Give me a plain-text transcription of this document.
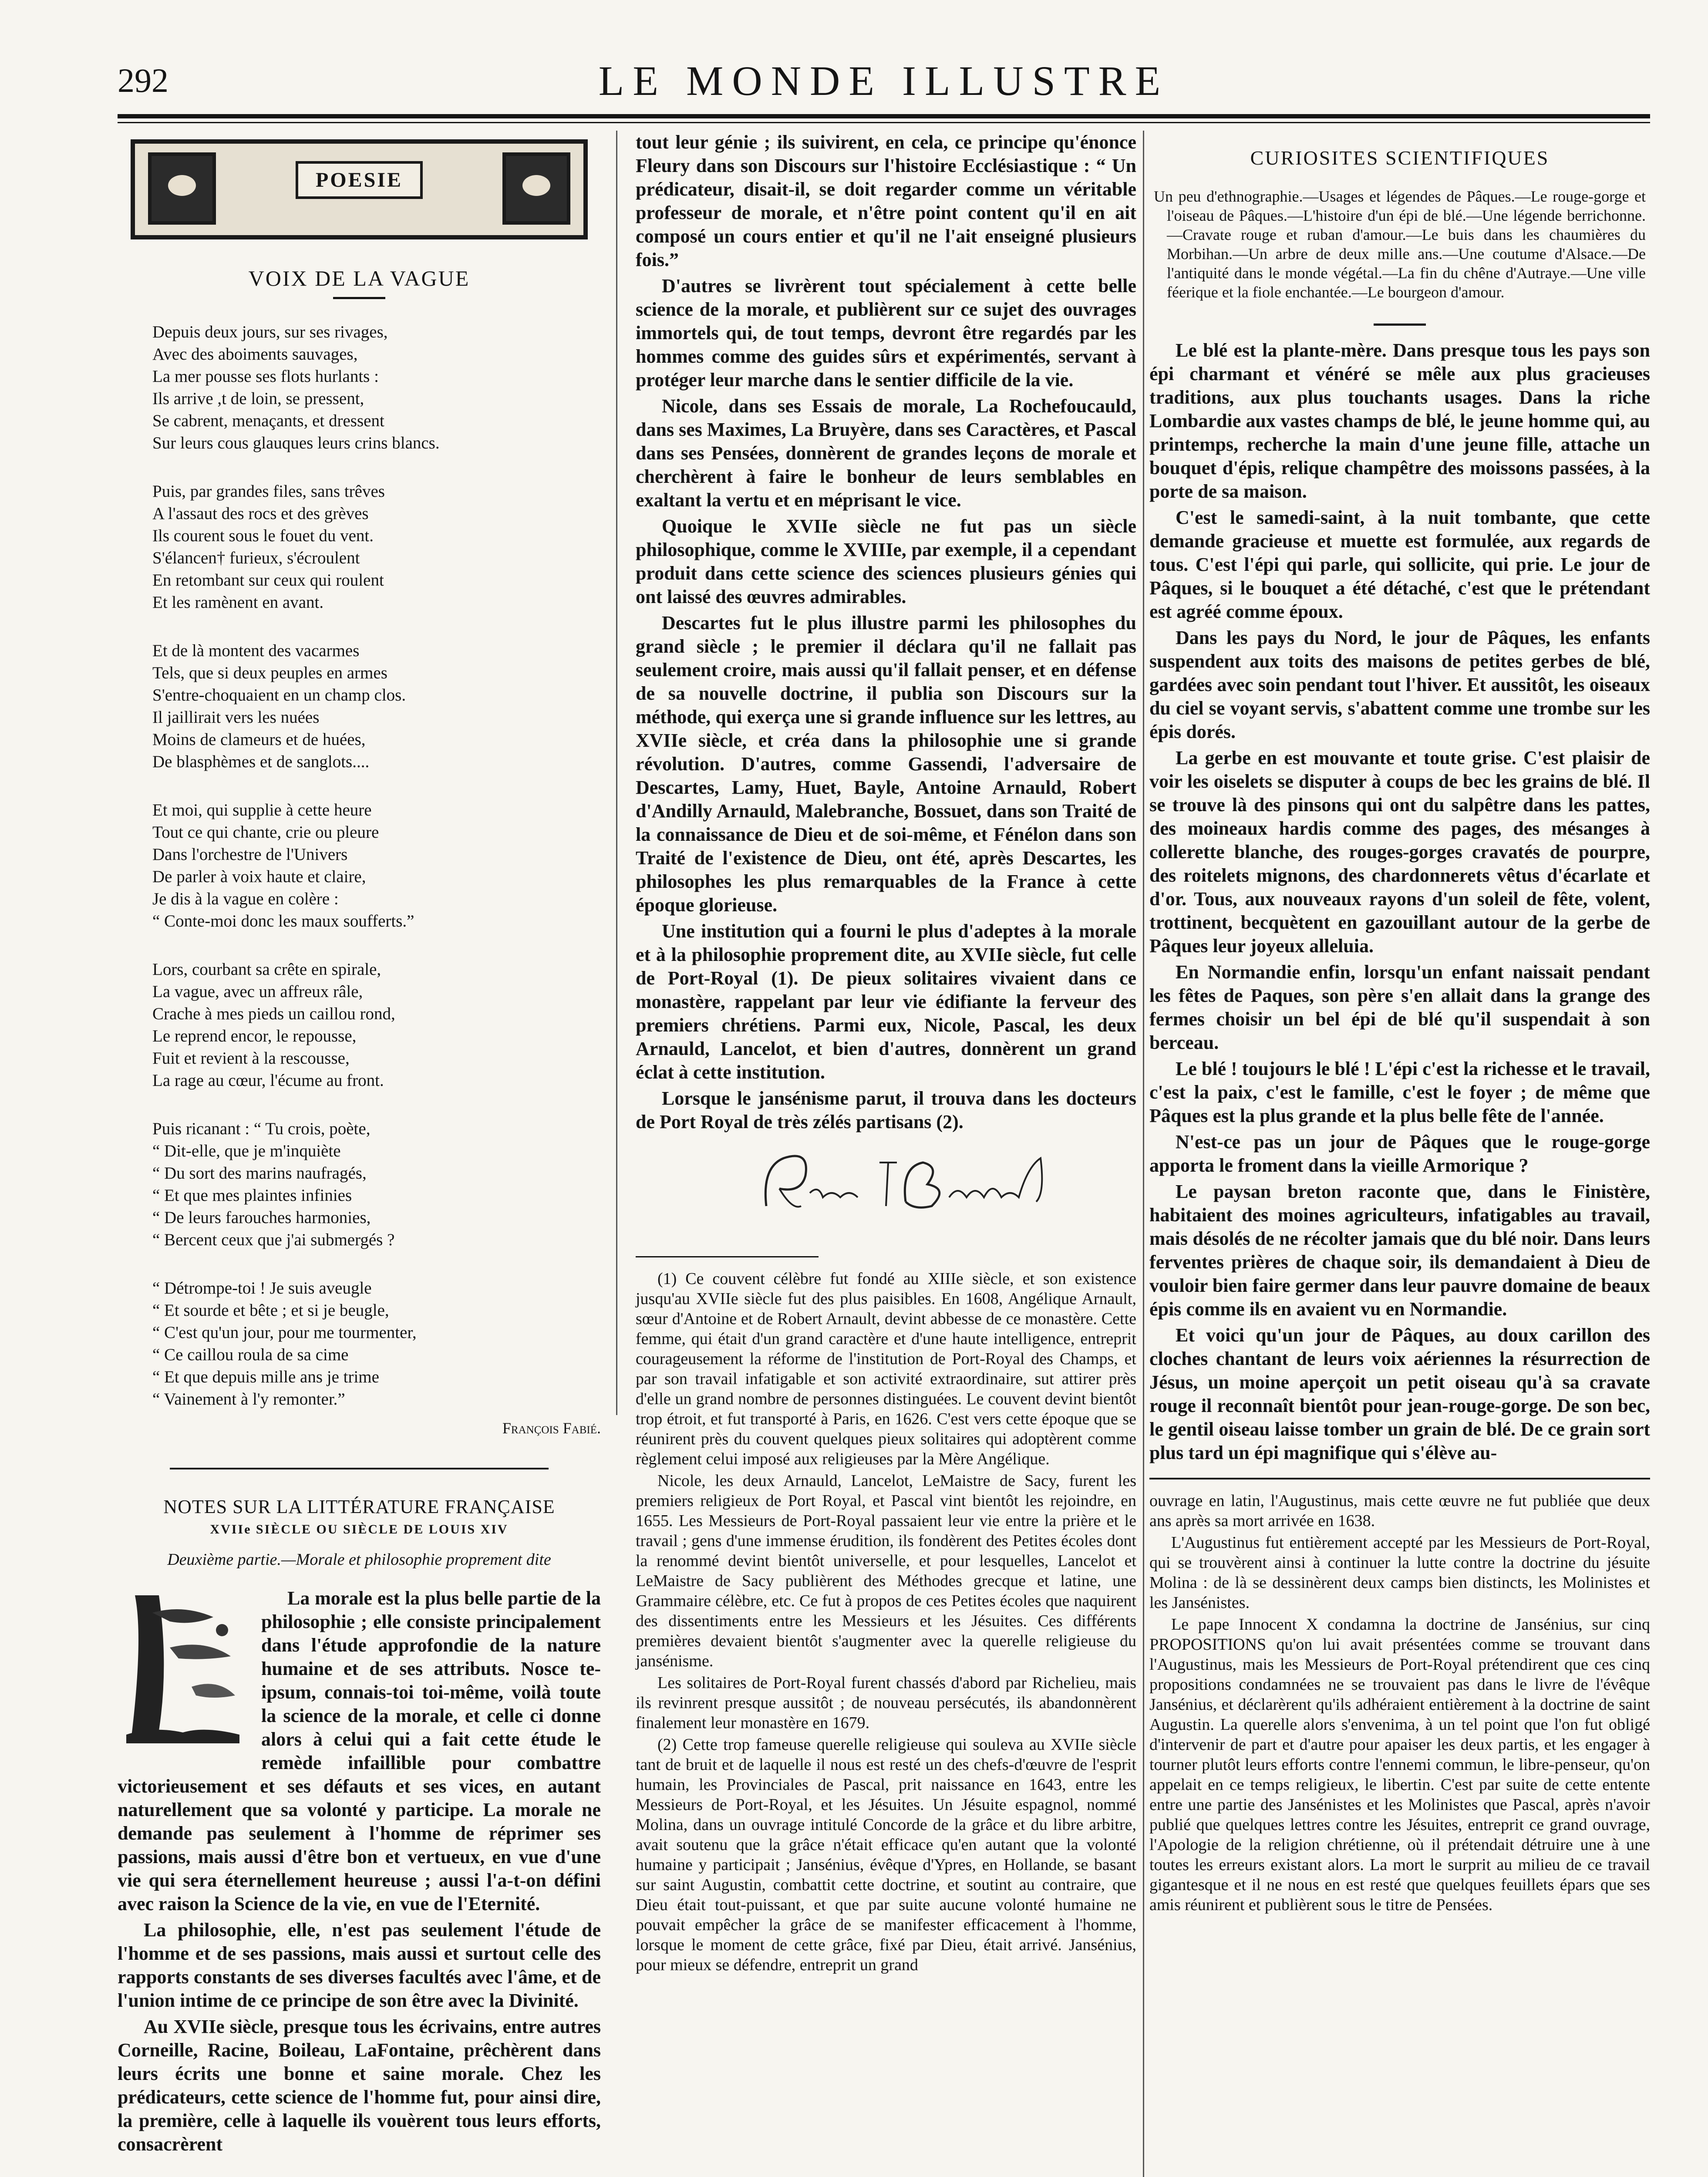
292	LE MONDE ILLUSTRE
POESIE
VOIX DE LA VAGUE
Depuis deux jours, sur ses rivages,
Avec des aboiments sauvages,
La mer pousse ses flots hurlants :
Ils arrive ,t de loin, se pressent,
Se cabrent, menaçants, et dressent
Sur leurs cous glauques leurs crins blancs.
Puis, par grandes files, sans trêves
A l'assaut des rocs et des grèves
Ils courent sous le fouet du vent.
S'élancen† furieux, s'écroulent
En retombant sur ceux qui roulent
Et les ramènent en avant.
Et de là montent des vacarmes
Tels, que si deux peuples en armes
S'entre-choquaient en un champ clos.
Il jaillirait vers les nuées
Moins de clameurs et de huées,
De blasphèmes et de sanglots....
Et moi, qui supplie à cette heure
Tout ce qui chante, crie ou pleure
Dans l'orchestre de l'Univers
De parler à voix haute et claire,
Je dis à la vague en colère :
“ Conte-moi donc les maux soufferts.”
Lors, courbant sa crête en spirale,
La vague, avec un affreux râle,
Crache à mes pieds un caillou rond,
Le reprend encor, le repousse,
Fuit et revient à la rescousse,
La rage au cœur, l'écume au front.
Puis ricanant : “ Tu crois, poète,
“ Dit-elle, que je m'inquiète
“ Du sort des marins naufragés,
“ Et que mes plaintes infinies
“ De leurs farouches harmonies,
“ Bercent ceux que j'ai submergés ?
“ Détrompe-toi ! Je suis aveugle
“ Et sourde et bête ; et si je beugle,
“ C'est qu'un jour, pour me tourmenter,
“ Ce caillou roula de sa cime
“ Et que depuis mille ans je trime
“ Vainement à l'y remonter.”
François Fabié.
NOTES SUR LA LITTÉRATURE FRANÇAISE
XVIIe SIÈCLE OU SIÈCLE DE LOUIS XIV
Deuxième partie.—Morale et philosophie proprement dite

La morale est la plus belle partie de la philosophie ; elle consiste principalement dans l'étude approfondie de la nature humaine et de ses attributs. Nosce te-ipsum, connais-toi toi-même, voilà toute la science de la morale, et celle ci donne alors à celui qui a fait cette étude le remède infaillible pour combattre victorieusement et ses défauts et ses vices, en autant naturellement que sa volonté y participe. La morale ne demande pas seulement à l'homme de réprimer ses passions, mais aussi d'être bon et vertueux, en vue d'une vie qui sera éternellement heureuse ; aussi l'a-t-on défini avec raison la Science de la vie, en vue de l'Eternité.

La philosophie, elle, n'est pas seulement l'étude de l'homme et de ses passions, mais aussi et surtout celle des rapports constants de ses diverses facultés avec l'âme, et de l'union intime de ce principe de son être avec la Divinité.

Au XVIIe siècle, presque tous les écrivains, entre autres Corneille, Racine, Boileau, LaFontaine, prêchèrent dans leurs écrits une bonne et saine morale. Chez les prédicateurs, cette science de l'homme fut, pour ainsi dire, la première, celle à laquelle ils vouèrent tous leurs efforts, consacrèrent

tout leur génie ; ils suivirent, en cela, ce principe qu'énonce Fleury dans son Discours sur l'histoire Ecclésiastique : “ Un prédicateur, disait-il, se doit regarder comme un véritable professeur de morale, et n'être point content qu'il en ait composé un cours entier et qu'il ne l'ait enseigné plusieurs fois.”

D'autres se livrèrent tout spécialement à cette belle science de la morale, et publièrent sur ce sujet des ouvrages immortels qui, de tout temps, devront être regardés par les hommes comme des guides sûrs et expérimentés, servant à protéger leur marche dans le sentier difficile de la vie.

Nicole, dans ses Essais de morale, La Rochefoucauld, dans ses Maximes, La Bruyère, dans ses Caractères, et Pascal dans ses Pensées, donnèrent de grandes leçons de morale et cherchèrent à faire le bonheur de leurs semblables en exaltant la vertu et en méprisant le vice.

Quoique le XVIIe siècle ne fut pas un siècle philosophique, comme le XVIIIe, par exemple, il a cependant produit dans cette science des sciences plusieurs génies qui ont laissé des œuvres admirables.

Descartes fut le plus illustre parmi les philosophes du grand siècle ; le premier il déclara qu'il ne fallait pas seulement croire, mais aussi qu'il fallait penser, et en défense de sa nouvelle doctrine, il publia son Discours sur la méthode, qui exerça une si grande influence sur les lettres, au XVIIe siècle, et créa dans la philosophie une si grande révolution. D'autres, comme Gassendi, l'adversaire de Descartes, Lamy, Huet, Bayle, Antoine Arnauld, Robert d'Andilly Arnauld, Malebranche, Bossuet, dans son Traité de la connaissance de Dieu et de soi-même, et Fénélon dans son Traité de l'existence de Dieu, ont été, après Descartes, les philosophes les plus remarquables de la France à cette époque glorieuse.

Une institution qui a fourni le plus d'adeptes à la morale et à la philosophie proprement dite, au XVIIe siècle, fut celle de Port-Royal (1). De pieux solitaires vivaient dans ce monastère, rappelant par leur vie édifiante la ferveur des premiers chrétiens. Parmi eux, Nicole, Pascal, les deux Arnauld, Lancelot, et bien d'autres, donnèrent un grand éclat à cette institution.

Lorsque le jansénisme parut, il trouva dans les docteurs de Port Royal de très zélés partisans (2).

(1) Ce couvent célèbre fut fondé au XIIIe siècle, et son existence jusqu'au XVIIe siècle fut des plus paisibles. En 1608, Angélique Arnault, sœur d'Antoine et de Robert Arnault, devint abbesse de ce monastère. Cette femme, qui était d'un grand caractère et d'une haute intelligence, entreprit courageusement la réforme de l'institution de Port-Royal des Champs, et par son travail infatigable et son activité extraordinaire, sut attirer près d'elle un grand nombre de personnes distinguées. Le couvent devint bientôt trop étroit, et fut transporté à Paris, en 1626. C'est vers cette époque que se réunirent près du couvent quelques pieux solitaires qui adoptèrent comme règlement celui imposé aux religieuses par la Mère Angélique.

Nicole, les deux Arnauld, Lancelot, LeMaistre de Sacy, furent les premiers religieux de Port Royal, et Pascal vint bientôt les rejoindre, en 1655. Les Messieurs de Port-Royal passaient leur vie entre la prière et le travail ; gens d'une immense érudition, ils fondèrent des Petites écoles dont la renommé devint bientôt universelle, et pour lesquelles, Lancelot et LeMaistre de Sacy publièrent des Méthodes grecque et latine, une Grammaire célèbre, etc. Ce fut à propos de ces Petites écoles que naquirent des dissentiments entre les Messieurs et les Jésuites. Ces différents premières devaient bientôt s'augmenter avec la querelle religieuse du jansénisme.

Les solitaires de Port-Royal furent chassés d'abord par Richelieu, mais ils revinrent presque aussitôt ; de nouveau persécutés, ils abandonnèrent finalement leur monastère en 1679.

(2) Cette trop fameuse querelle religieuse qui souleva au XVIIe siècle tant de bruit et de laquelle il nous est resté un des chefs-d'œuvre de l'esprit humain, les Provinciales de Pascal, prit naissance en 1643, entre les Messieurs de Port-Royal, et les Jésuites. Un Jésuite espagnol, nommé Molina, dans un ouvrage intitulé Concorde de la grâce et du libre arbitre, avait soutenu que la grâce n'était efficace qu'en autant que la volonté humaine y participait ; Jansénius, évêque d'Ypres, en Hollande, se basant sur saint Augustin, combattit cette doctrine, et soutint au contraire, que Dieu était tout-puissant, et que par suite aucune volonté humaine ne pouvait empêcher la grâce de se manifester efficacement à l'homme, lorsque le moment de cette grâce, fixé par Dieu, était arrivé. Jansénius, pour mieux se défendre, entreprit un grand

CURIOSITES SCIENTIFIQUES
Un peu d'ethnographie.—Usages et légendes de Pâques.—Le rouge-gorge et l'oiseau de Pâques.—L'histoire d'un épi de blé.—Une légende berrichonne.—Cravate rouge et ruban d'amour.—Le buis dans les chaumières du Morbihan.—Un arbre de deux mille ans.—Une coutume d'Alsace.—De l'antiquité dans le monde végétal.—La fin du chêne d'Autraye.—Une ville féerique et la fiole enchantée.—Le bourgeon d'amour.

Le blé est la plante-mère. Dans presque tous les pays son épi charmant et vénéré se mêle aux plus gracieuses traditions, aux plus touchants usages. Dans la riche Lombardie aux vastes champs de blé, le jeune homme qui, au printemps, recherche la main d'une jeune fille, attache un bouquet d'épis, relique champêtre des moissons passées, à la porte de sa maison.

C'est le samedi-saint, à la nuit tombante, que cette demande gracieuse et muette est formulée, aux regards de tous. C'est l'épi qui parle, qui sollicite, qui prie. Le jour de Pâques, si le bouquet a été détaché, c'est que le prétendant est agréé comme époux.

Dans les pays du Nord, le jour de Pâques, les enfants suspendent aux toits des maisons de petites gerbes de blé, gardées avec soin pendant tout l'hiver. Et aussitôt, les oiseaux du ciel se voyant servis, s'abattent comme une trombe sur les épis dorés.

La gerbe en est mouvante et toute grise. C'est plaisir de voir les oiselets se disputer à coups de bec les grains de blé. Il se trouve là des pinsons qui ont du salpêtre dans les pattes, des moineaux hardis comme des pages, des mésanges à collerette blanche, des rouges-gorges cravatés de pourpre, des roitelets mignons, des chardonnerets vêtus d'écarlate et d'or. Tous, aux nouveaux rayons d'un soleil de fête, volent, trottinent, becquètent en gazouillant autour de la gerbe de Pâques leur joyeux alleluia.

En Normandie enfin, lorsqu'un enfant naissait pendant les fêtes de Paques, son père s'en allait dans la grange des fermes choisir un bel épi de blé qu'il suspendait à son berceau.

Le blé ! toujours le blé ! L'épi c'est la richesse et le travail, c'est la paix, c'est le famille, c'est le foyer ; de même que Pâques est la plus grande et la plus belle fête de l'année.

N'est-ce pas un jour de Pâques que le rouge-gorge apporta le froment dans la vieille Armorique ?

Le paysan breton raconte que, dans le Finistère, habitaient des moines agriculteurs, infatigables au travail, mais désolés de ne récolter jamais que du blé noir. Dans leurs ferventes prières de chaque soir, ils demandaient à Dieu de vouloir bien faire germer dans leur pauvre domaine de beaux épis comme ils en avaient vu en Normandie.

Et voici qu'un jour de Pâques, au doux carillon des cloches chantant de leurs voix aériennes la résurrection de Jésus, un moine aperçoit un petit oiseau qu'à sa cravate rouge il reconnaît bientôt pour jean-rouge-gorge. De son bec, le gentil oiseau laisse tomber un grain de blé. De ce grain sort plus tard un épi magnifique qui s'élève au-

ouvrage en latin, l'Augustinus, mais cette œuvre ne fut publiée que deux ans après sa mort arrivée en 1638.

L'Augustinus fut entièrement accepté par les Messieurs de Port-Royal, qui se trouvèrent ainsi à continuer la lutte contre la doctrine du jésuite Molina : de là se dessinèrent deux camps bien distincts, les Molinistes et les Jansénistes.

Le pape Innocent X condamna la doctrine de Jansénius, sur cinq PROPOSITIONS qu'on lui avait présentées comme se trouvant dans l'Augustinus, mais les Messieurs de Port-Royal prétendirent que ces cinq propositions condamnées ne se trouvaient pas dans le livre de l'évêque Jansénius, et déclarèrent qu'ils adhéraient entièrement à la doctrine de saint Augustin. La querelle alors s'envenima, à un tel point que l'on fut obligé d'intervenir de part et d'autre pour apaiser les deux partis, et les engager à tourner plutôt leurs efforts contre l'ennemi commun, le libre-penseur, qu'on appelait en ce temps religieux, le libertin. C'est par suite de cette entente entre une partie des Jansénistes et les Molinistes que Pascal, après n'avoir publié que quelques lettres contre les Jésuites, entreprit ce grand ouvrage, l'Apologie de la religion chrétienne, où il prétendait détruire une à une toutes les erreurs existant alors. La mort le surprit au milieu de ce travail gigantesque et il ne nous en est resté que quelques feuillets épars que ses amis réunirent et publièrent sous le titre de Pensées.
